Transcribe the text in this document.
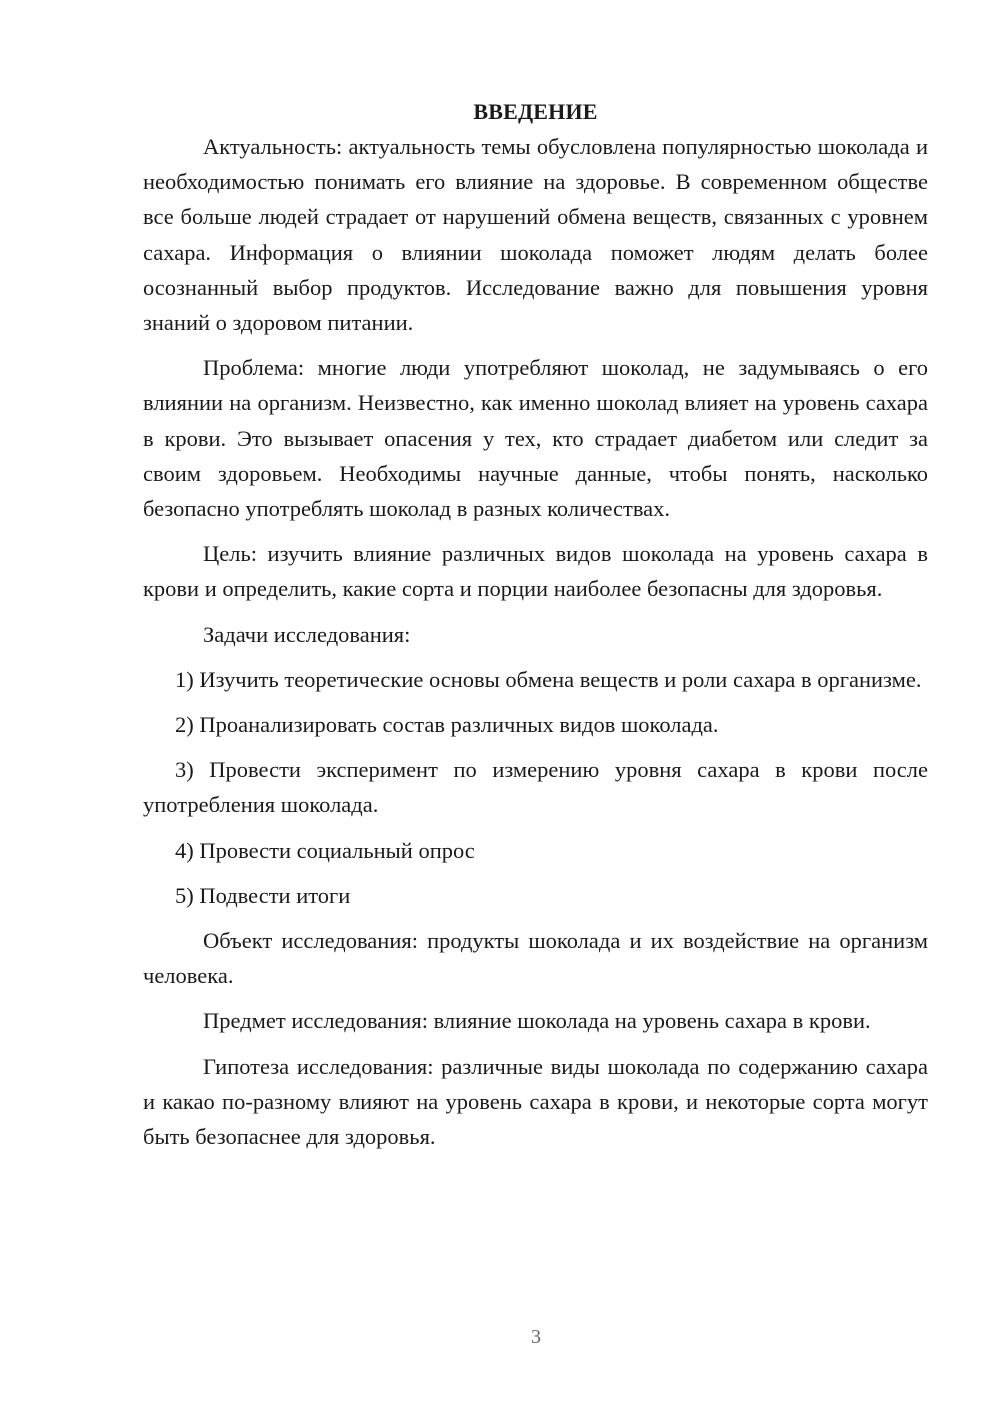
ВВЕДЕНИЕ

Актуальность: актуальность темы обусловлена популярностью шоколада и необходимостью понимать его влияние на здоровье. В современном обществе все больше людей страдает от нарушений обмена веществ, связанных с уровнем сахара. Информация о влиянии шоколада поможет людям делать более осознанный выбор продуктов. Исследование важно для повышения уровня знаний о здоровом питании.

Проблема: многие люди употребляют шоколад, не задумываясь о его влиянии на организм. Неизвестно, как именно шоколад влияет на уровень сахара в крови. Это вызывает опасения у тех, кто страдает диабетом или следит за своим здоровьем. Необходимы научные данные, чтобы понять, насколько безопасно употреблять шоколад в разных количествах.

Цель: изучить влияние различных видов шоколада на уровень сахара в крови и определить, какие сорта и порции наиболее безопасны для здоровья.

Задачи исследования:

1) Изучить теоретические основы обмена веществ и роли сахара в организме.

2) Проанализировать состав различных видов шоколада.

3) Провести эксперимент по измерению уровня сахара в крови после употребления шоколада.

4) Провести социальный опрос

5) Подвести итоги

Объект исследования: продукты шоколада и их воздействие на организм человека.

Предмет исследования: влияние шоколада на уровень сахара в крови.

Гипотеза исследования: различные виды шоколада по содержанию сахара и какао по-разному влияют на уровень сахара в крови, и некоторые сорта могут быть безопаснее для здоровья.

3
